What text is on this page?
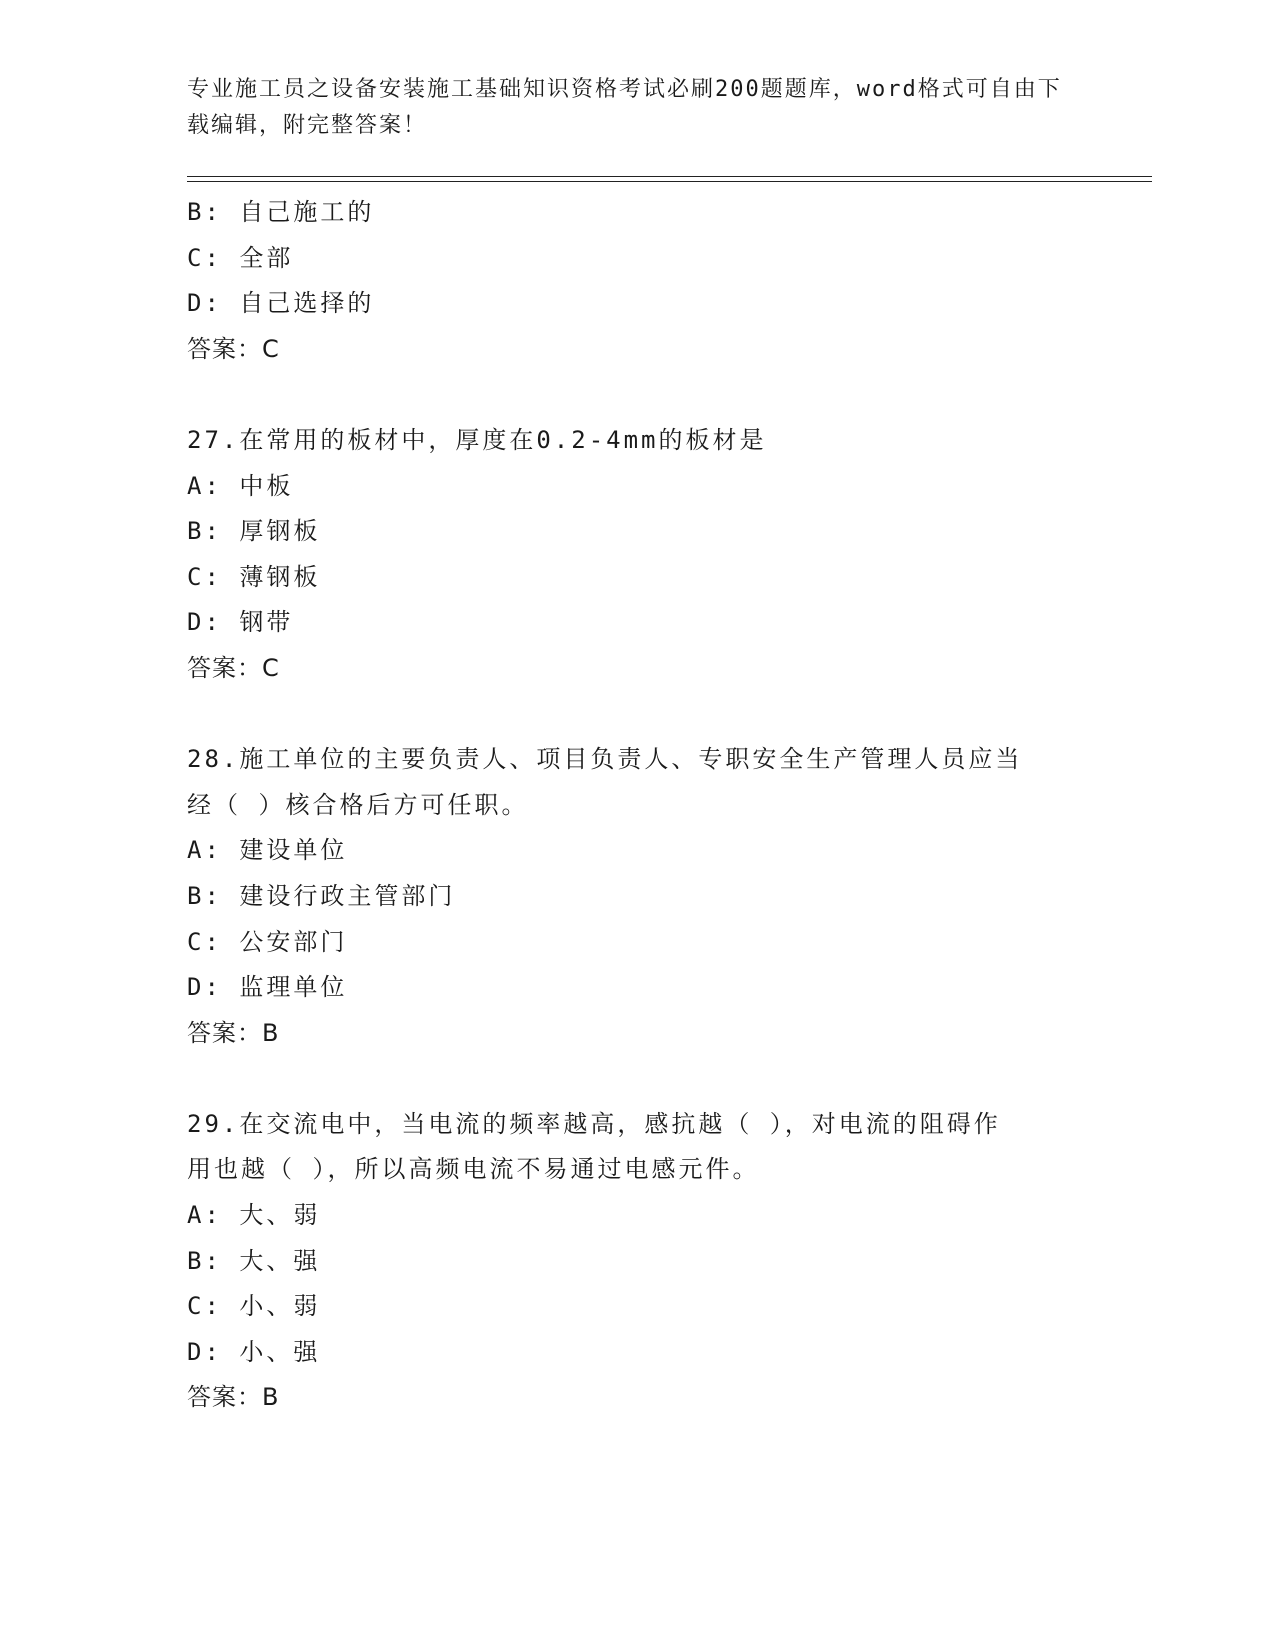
专业施工员之设备安装施工基础知识资格考试必刷200题题库，word格式可自由下载编辑，附完整答案！
B: 自己施工的
C: 全部
D: 自己选择的
答案：C
27.在常用的板材中，厚度在0.2-4mm的板材是
A: 中板
B: 厚钢板
C: 薄钢板
D: 钢带
答案：C
28.施工单位的主要负责人、项目负责人、专职安全生产管理人员应当
经（ ）核合格后方可任职。
A: 建设单位
B: 建设行政主管部门
C: 公安部门
D: 监理单位
答案：B
29.在交流电中，当电流的频率越高，感抗越（ ），对电流的阻碍作
用也越（ ），所以高频电流不易通过电感元件。
A: 大、弱
B: 大、强
C: 小、弱
D: 小、强
答案：B
